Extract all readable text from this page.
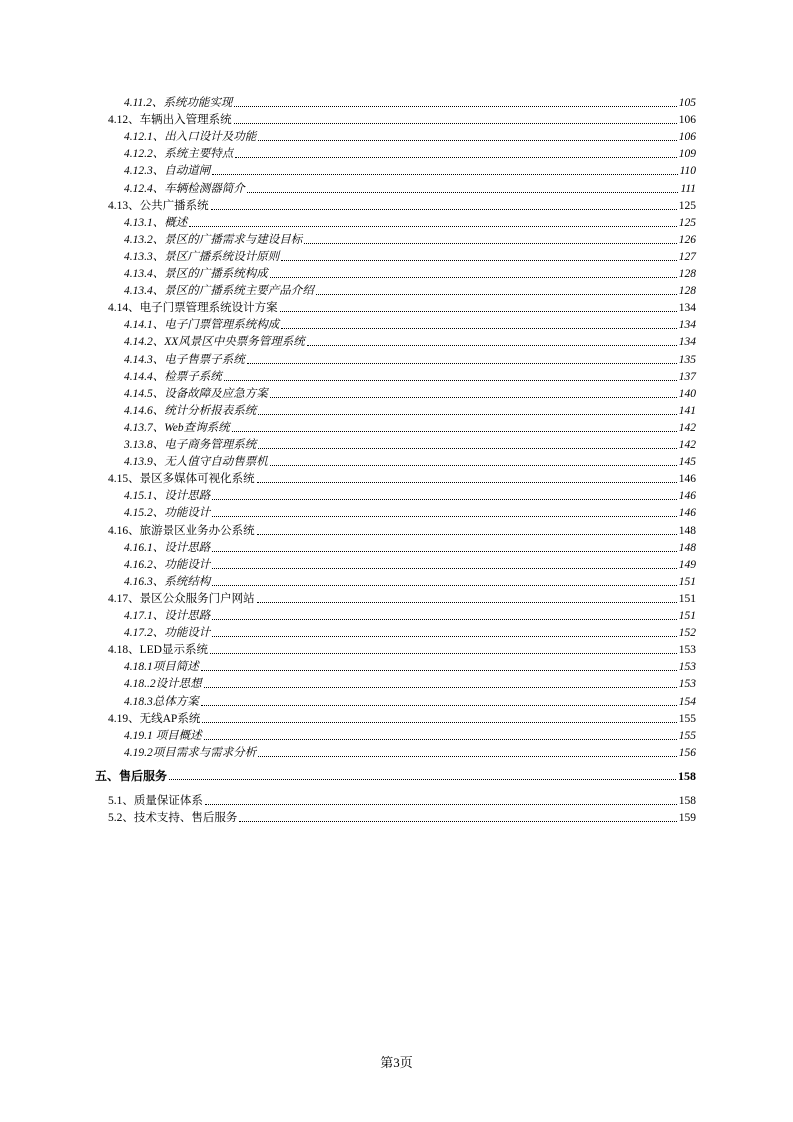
4.11.2、系统功能实现	105
4.12、车辆出入管理系统	106
4.12.1、出入口设计及功能	106
4.12.2、系统主要特点	109
4.12.3、自动道闸	110
4.12.4、车辆检测器简介	111
4.13、公共广播系统	125
4.13.1、概述	125
4.13.2、景区的广播需求与建设目标	126
4.13.3、景区广播系统设计原则	127
4.13.4、景区的广播系统构成	128
4.13.4、景区的广播系统主要产品介绍	128
4.14、电子门票管理系统设计方案	134
4.14.1、电子门票管理系统构成	134
4.14.2、XX风景区中央票务管理系统	134
4.14.3、电子售票子系统	135
4.14.4、检票子系统	137
4.14.5、设备故障及应急方案	140
4.14.6、统计分析报表系统	141
4.13.7、Web查询系统	142
3.13.8、电子商务管理系统	142
4.13.9、无人值守自动售票机	145
4.15、景区多媒体可视化系统	146
4.15.1、设计思路	146
4.15.2、功能设计	146
4.16、旅游景区业务办公系统	148
4.16.1、设计思路	148
4.16.2、功能设计	149
4.16.3、系统结构	151
4.17、景区公众服务门户网站	151
4.17.1、设计思路	151
4.17.2、功能设计	152
4.18、LED显示系统	153
4.18.1项目简述	153
4.18..2设计思想	153
4.18.3总体方案	154
4.19、无线AP系统	155
4.19.1 项目概述	155
4.19.2项目需求与需求分析	156
五、售后服务	158
5.1、质量保证体系	158
5.2、技术支持、售后服务	159
第3页
